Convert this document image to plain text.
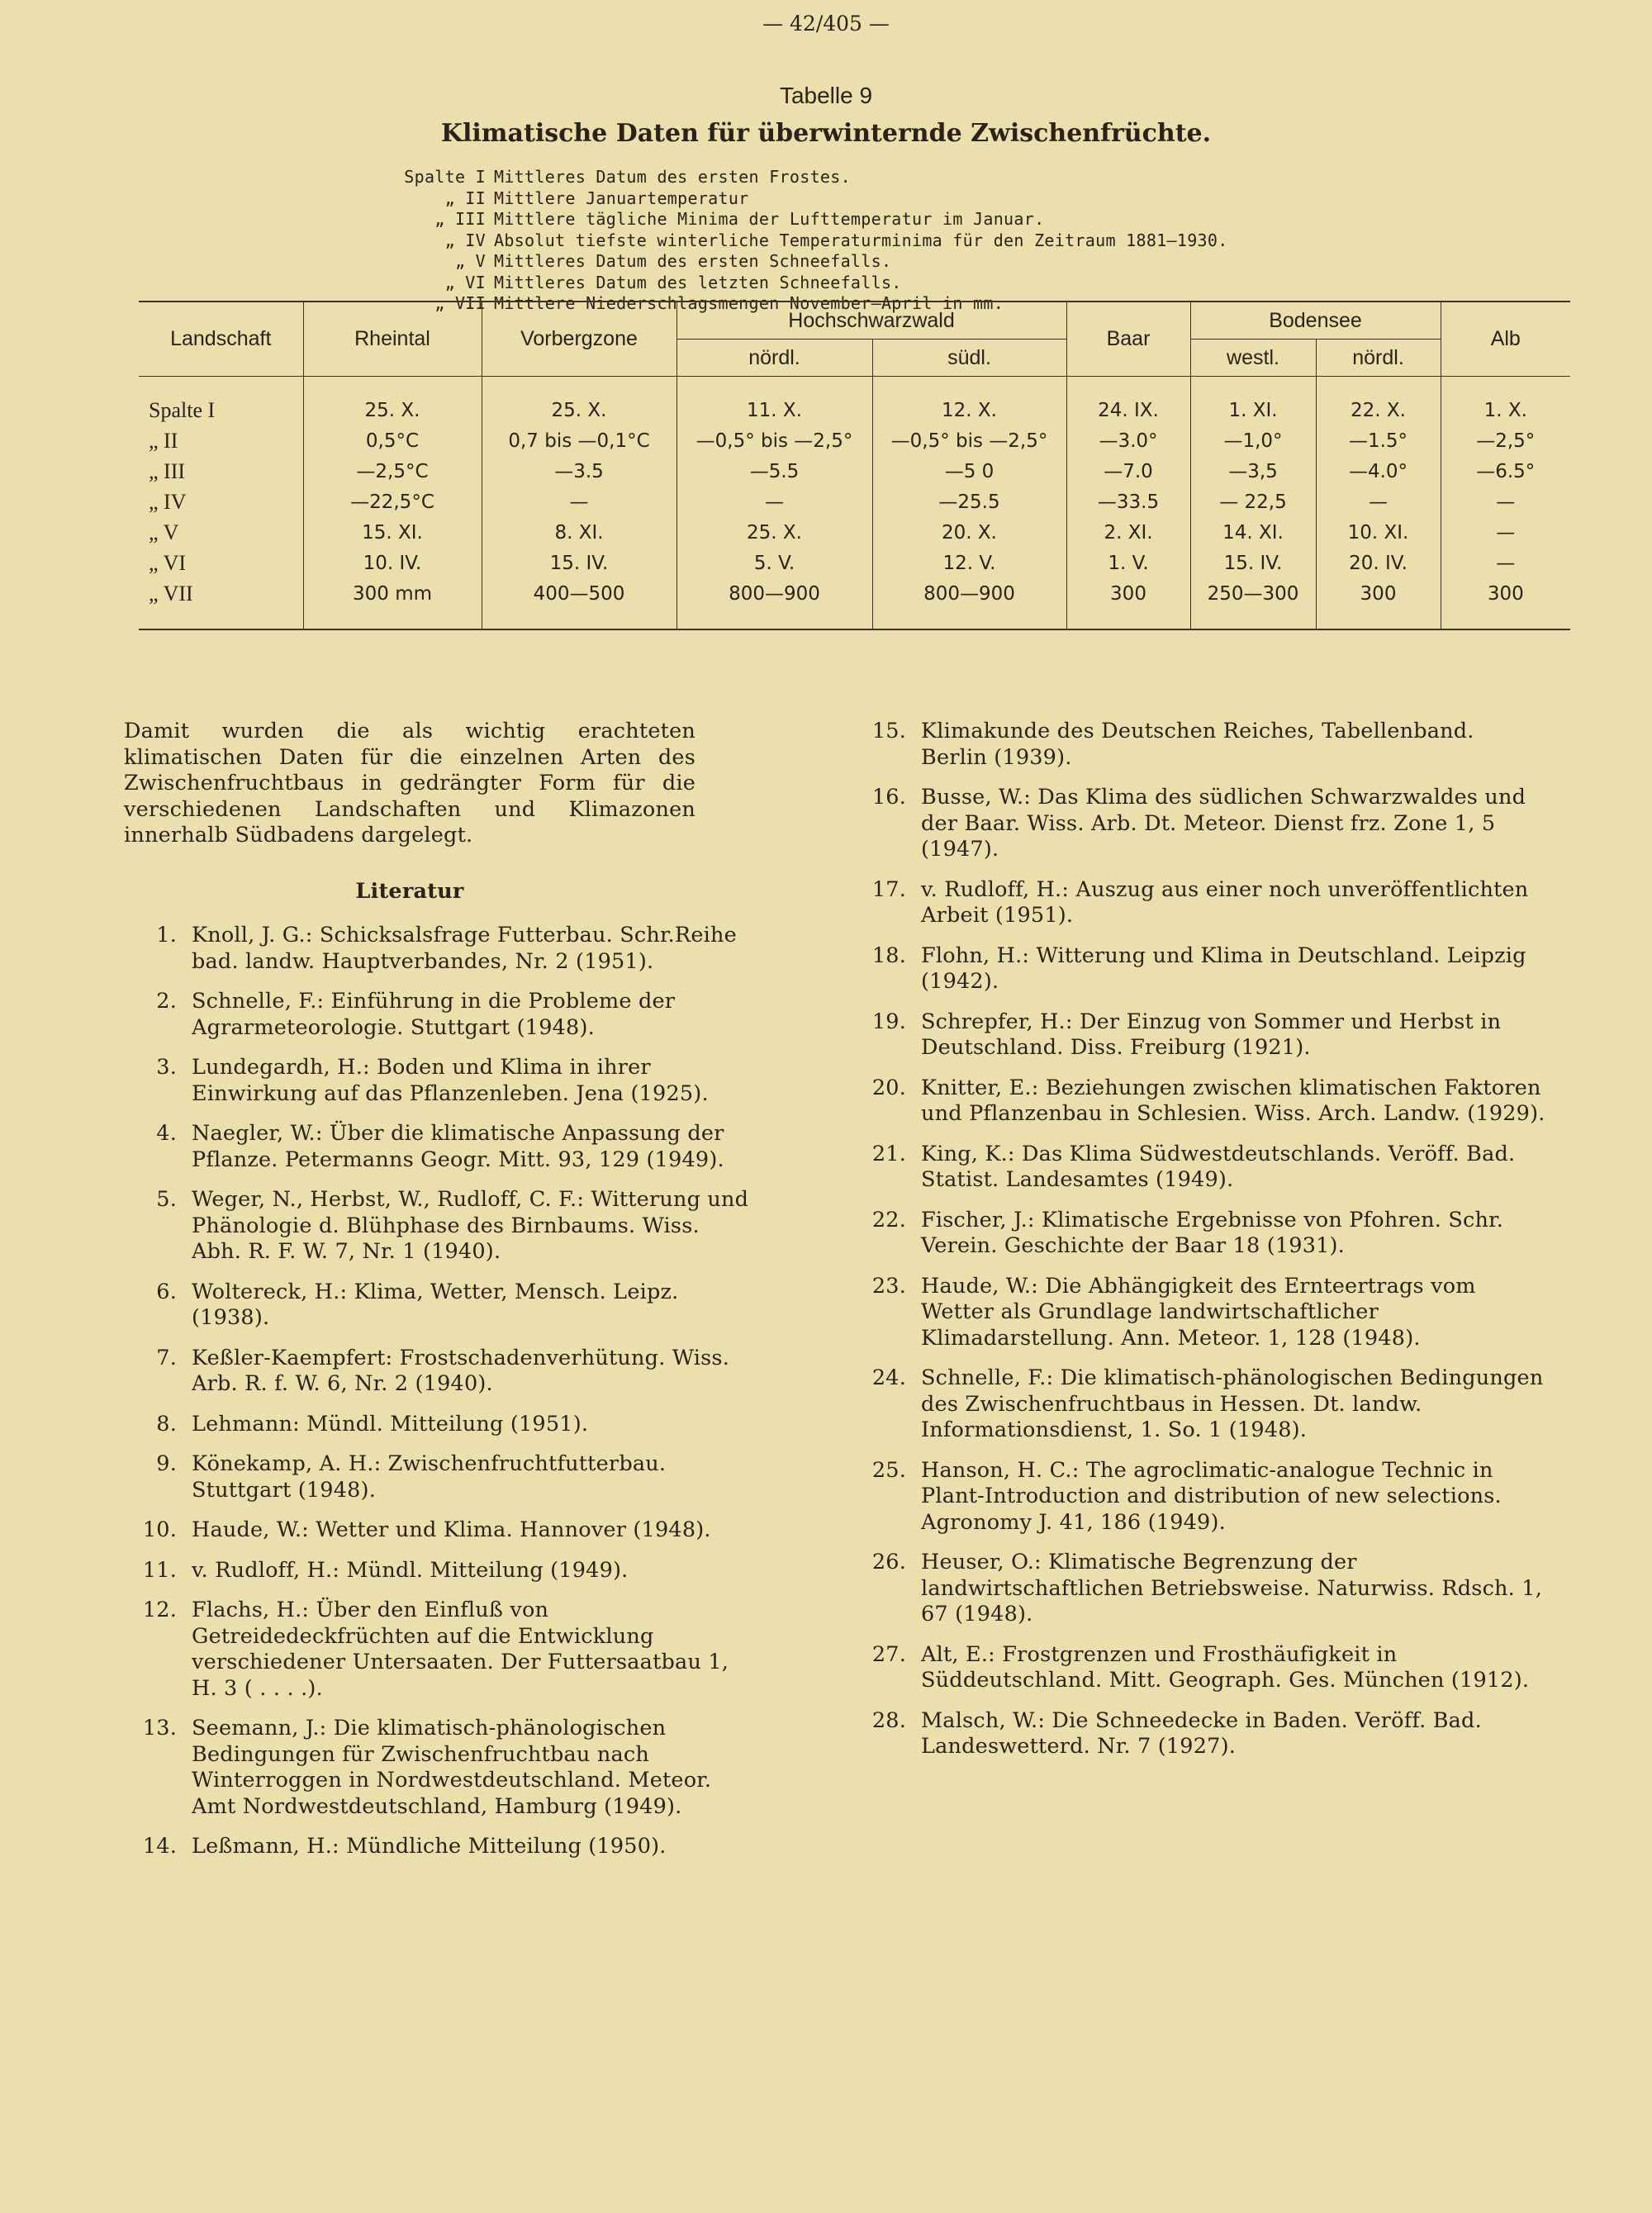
— 42/405 —
Tabelle 9
Klimatische Daten für überwinternde Zwischenfrüchte.
Spalte I Mittleres Datum des ersten Frostes.
„ II Mittlere Januartemperatur
„ III Mittlere tägliche Minima der Lufttemperatur im Januar.
„ IV Absolut tiefste winterliche Temperaturminima für den Zeitraum 1881—1930.
„ V Mittleres Datum des ersten Schneefalls.
„ VI Mittleres Datum des letzten Schneefalls.
„ VII Mittlere Niederschlagsmengen November—April in mm.
Landschaft	Rheintal	Vorbergzone	Hochschwarzwald		Baar	Bodensee		Alb
			nördl.	südl.		westl.	nördl.	
Spalte I	25. X.	25. X.	11. X.	12. X.	24. IX.	1. XI.	22. X.	1. X.
„ II	0,5°C	0,7 bis —0,1°C	—0,5° bis —2,5°	—0,5° bis —2,5°	—3.0°	—1,0°	—1.5°	—2,5°
„ III	—2,5°C	—3.5	—5.5	—5 0	—7.0	—3,5	—4.0°	—6.5°
„ IV	—22,5°C	—	—	—25.5	—33.5	— 22,5	—	—
„ V	15. XI.	8. XI.	25. X.	20. X.	2. XI.	14. XI.	10. XI.	—
„ VI	10. IV.	15. IV.	5. V.	12. V.	1. V.	15. IV.	20. IV.	—
„ VII	300 mm	400—500	800—900	800—900	300	250—300	300	300

Damit wurden die als wichtig erachteten klimatischen Daten für die einzelnen Arten des Zwischenfruchtbaus in gedrängter Form für die verschiedenen Landschaften und Klimazonen innerhalb Südbadens dargelegt.

Literatur
1. Knoll, J. G.: Schicksalsfrage Futterbau. Schr.Reihe bad. landw. Hauptverbandes, Nr. 2 (1951).
2. Schnelle, F.: Einführung in die Probleme der Agrarmeteorologie. Stuttgart (1948).
3. Lundegardh, H.: Boden und Klima in ihrer Einwirkung auf das Pflanzenleben. Jena (1925).
4. Naegler, W.: Über die klimatische Anpassung der Pflanze. Petermanns Geogr. Mitt. 93, 129 (1949).
5. Weger, N., Herbst, W., Rudloff, C. F.: Witterung und Phänologie d. Blühphase des Birnbaums. Wiss. Abh. R. F. W. 7, Nr. 1 (1940).
6. Woltereck, H.: Klima, Wetter, Mensch. Leipz. (1938).
7. Keßler-Kaempfert: Frostschadenverhütung. Wiss. Arb. R. f. W. 6, Nr. 2 (1940).
8. Lehmann: Mündl. Mitteilung (1951).
9. Könekamp, A. H.: Zwischenfruchtfutterbau. Stuttgart (1948).
10. Haude, W.: Wetter und Klima. Hannover (1948).
11. v. Rudloff, H.: Mündl. Mitteilung (1949).
12. Flachs, H.: Über den Einfluß von Getreidedeckfrüchten auf die Entwicklung verschiedener Untersaaten. Der Futtersaatbau 1, H. 3 ( . . . .).
13. Seemann, J.: Die klimatisch-phänologischen Bedingungen für Zwischenfruchtbau nach Winterroggen in Nordwestdeutschland. Meteor. Amt Nordwestdeutschland, Hamburg (1949).
14. Leßmann, H.: Mündliche Mitteilung (1950).
15. Klimakunde des Deutschen Reiches, Tabellenband. Berlin (1939).
16. Busse, W.: Das Klima des südlichen Schwarzwaldes und der Baar. Wiss. Arb. Dt. Meteor. Dienst frz. Zone 1, 5 (1947).
17. v. Rudloff, H.: Auszug aus einer noch unveröffentlichten Arbeit (1951).
18. Flohn, H.: Witterung und Klima in Deutschland. Leipzig (1942).
19. Schrepfer, H.: Der Einzug von Sommer und Herbst in Deutschland. Diss. Freiburg (1921).
20. Knitter, E.: Beziehungen zwischen klimatischen Faktoren und Pflanzenbau in Schlesien. Wiss. Arch. Landw. (1929).
21. King, K.: Das Klima Südwestdeutschlands. Veröff. Bad. Statist. Landesamtes (1949).
22. Fischer, J.: Klimatische Ergebnisse von Pfohren. Schr. Verein. Geschichte der Baar 18 (1931).
23. Haude, W.: Die Abhängigkeit des Ernteertrags vom Wetter als Grundlage landwirtschaftlicher Klimadarstellung. Ann. Meteor. 1, 128 (1948).
24. Schnelle, F.: Die klimatisch-phänologischen Bedingungen des Zwischenfruchtbaus in Hessen. Dt. landw. Informationsdienst, 1. So. 1 (1948).
25. Hanson, H. C.: The agroclimatic-analogue Technic in Plant-Introduction and distribution of new selections. Agronomy J. 41, 186 (1949).
26. Heuser, O.: Klimatische Begrenzung der landwirtschaftlichen Betriebsweise. Naturwiss. Rdsch. 1, 67 (1948).
27. Alt, E.: Frostgrenzen und Frosthäufigkeit in Süddeutschland. Mitt. Geograph. Ges. München (1912).
28. Malsch, W.: Die Schneedecke in Baden. Veröff. Bad. Landeswetterd. Nr. 7 (1927).
